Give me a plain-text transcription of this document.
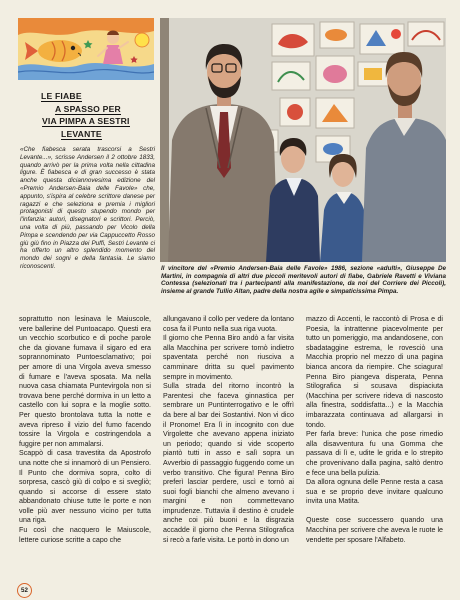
LE FIABE
A SPASSO PER
VIA PIMPA A SESTRI
LEVANTE

«Che fiabesca serata trascorsi a Sestri Levante...», scrisse Andersen il 2 ottobre 1833, quando arrivò per la prima volta nella cittadina ligure. È fiabesca e di gran successo è stata anche questa diciannovesima edizione del «Premio Andersen-Baia delle Favole» che, appunto, s'ispira al celebre scrittore danese per ragazzi e che seleziona e premia i migliori protagonisti di questo stupendo mondo per l'infanzia: autori, disegnatori e scrittori. Perciò, una volta di più, passando per Vicolo della Pimpa e scendendo per via Cappuccetto Rosso giù giù fino in Piazza dei Puffi, Sestri Levante ci ha offerto un altro splendido momento del mondo dei sogni e della fantasia. Le siamo riconoscenti.	Il vincitore del «Premio Andersen-Baia delle Favole» 1986, sezione «adulti», Giuseppe De Martini, in compagnia di altri due piccoli meritevoli autori di fiabe, Gabriele Ravetti e Viviana Contessa (selezionati tra i partecipanti alla manifestazione, da noi del Corriere dei Piccoli), insieme al grande Tullio Altan, padre della nostra agile e simpaticissima Pimpa.

soprattutto non lesinava le Maiuscole, vere ballerine del Puntoacapo. Questi era un vecchio scorbutico e di poche parole che da giovane fumava il sigaro ed era soprannominato Puntoesclamativo; poi per amore di una Virgola aveva smesso di fumare e l'aveva sposata. Ma nella nuova casa chiamata Puntevirgola non si trovava bene perché dormiva in un letto a castello con lui sopra e la moglie sotto. Per questo brontolava tutta la notte e aveva ripreso il vizio del fumo facendo tossire la Virgola e costringendola a fuggire per non ammalarsi.

Scappò di casa travestita da Apostrofo una notte che si innamorò di un Pensiero. Il Punto che dormiva sopra, colto di sorpresa, cascò giù di colpo e si svegliò; quando si accorse di essere stato abbandonato chiuse tutte le porte e non volle più aver nessuno vicino per tutta una riga.

Fu così che nacquero le Maiuscole, lettere curiose scritte a capo che

allungavano il collo per vedere da lontano cosa fa il Punto nella sua riga vuota.

Il giorno che Penna Biro andò a far visita alla Macchina per scrivere tornò indietro spaventata perché non riusciva a camminare dritta su quel pavimento sempre in movimento.

Sulla strada del ritorno incontrò la Parentesi che faceva ginnastica per sembrare un Puntinterrogativo e le offrì da bere al bar dei Sostantivi. Non vi dico il Pronome! Era lì in incognito con due Virgolette che avevano appena iniziato un periodo; quando si vide scoperto piantò tutti in asso e salì sopra un Avverbio di passaggio fuggendo come un verbo transitivo. Che figura! Penna Biro preferì lasciar perdere, uscì e tornò ai suoi fogli bianchi che almeno avevano i margini e non commettevano imprudenze. Tuttavia il destino è crudele anche coi più buoni e la disgrazia accadde il giorno che Penna Stilografica si recò a farle visita. Le portò in dono un

mazzo di Accenti, le raccontò di Prosa e di Poesia, la intrattenne piacevolmente per tutto un pomeriggio, ma andandosene, con sbadataggine estrema, le rovesciò una Macchia proprio nel mezzo di una pagina bianca ancora da riempire. Che sciagura! Penna Biro piangeva disperata, Penna Stilografica si scusava dispiaciuta (Macchina per scrivere rideva di nascosto alla finestra, soddisfatta...) e la Macchia imbarazzata continuava ad allargarsi in tondo.

Per farla breve: l'unica che pose rimedio alla disavventura fu una Gomma che passava di lì e, udite le grida e lo strepito che provenivano dalla pagina, saltò dentro e fece una bella pulizia.

Da allora ognuna delle Penne resta a casa sua e se proprio deve invitare qualcuno invita una Matita.

Queste cose successero quando una Macchina per scrivere che aveva le ruote le vendette per sposare l'Alfabeto.

52
